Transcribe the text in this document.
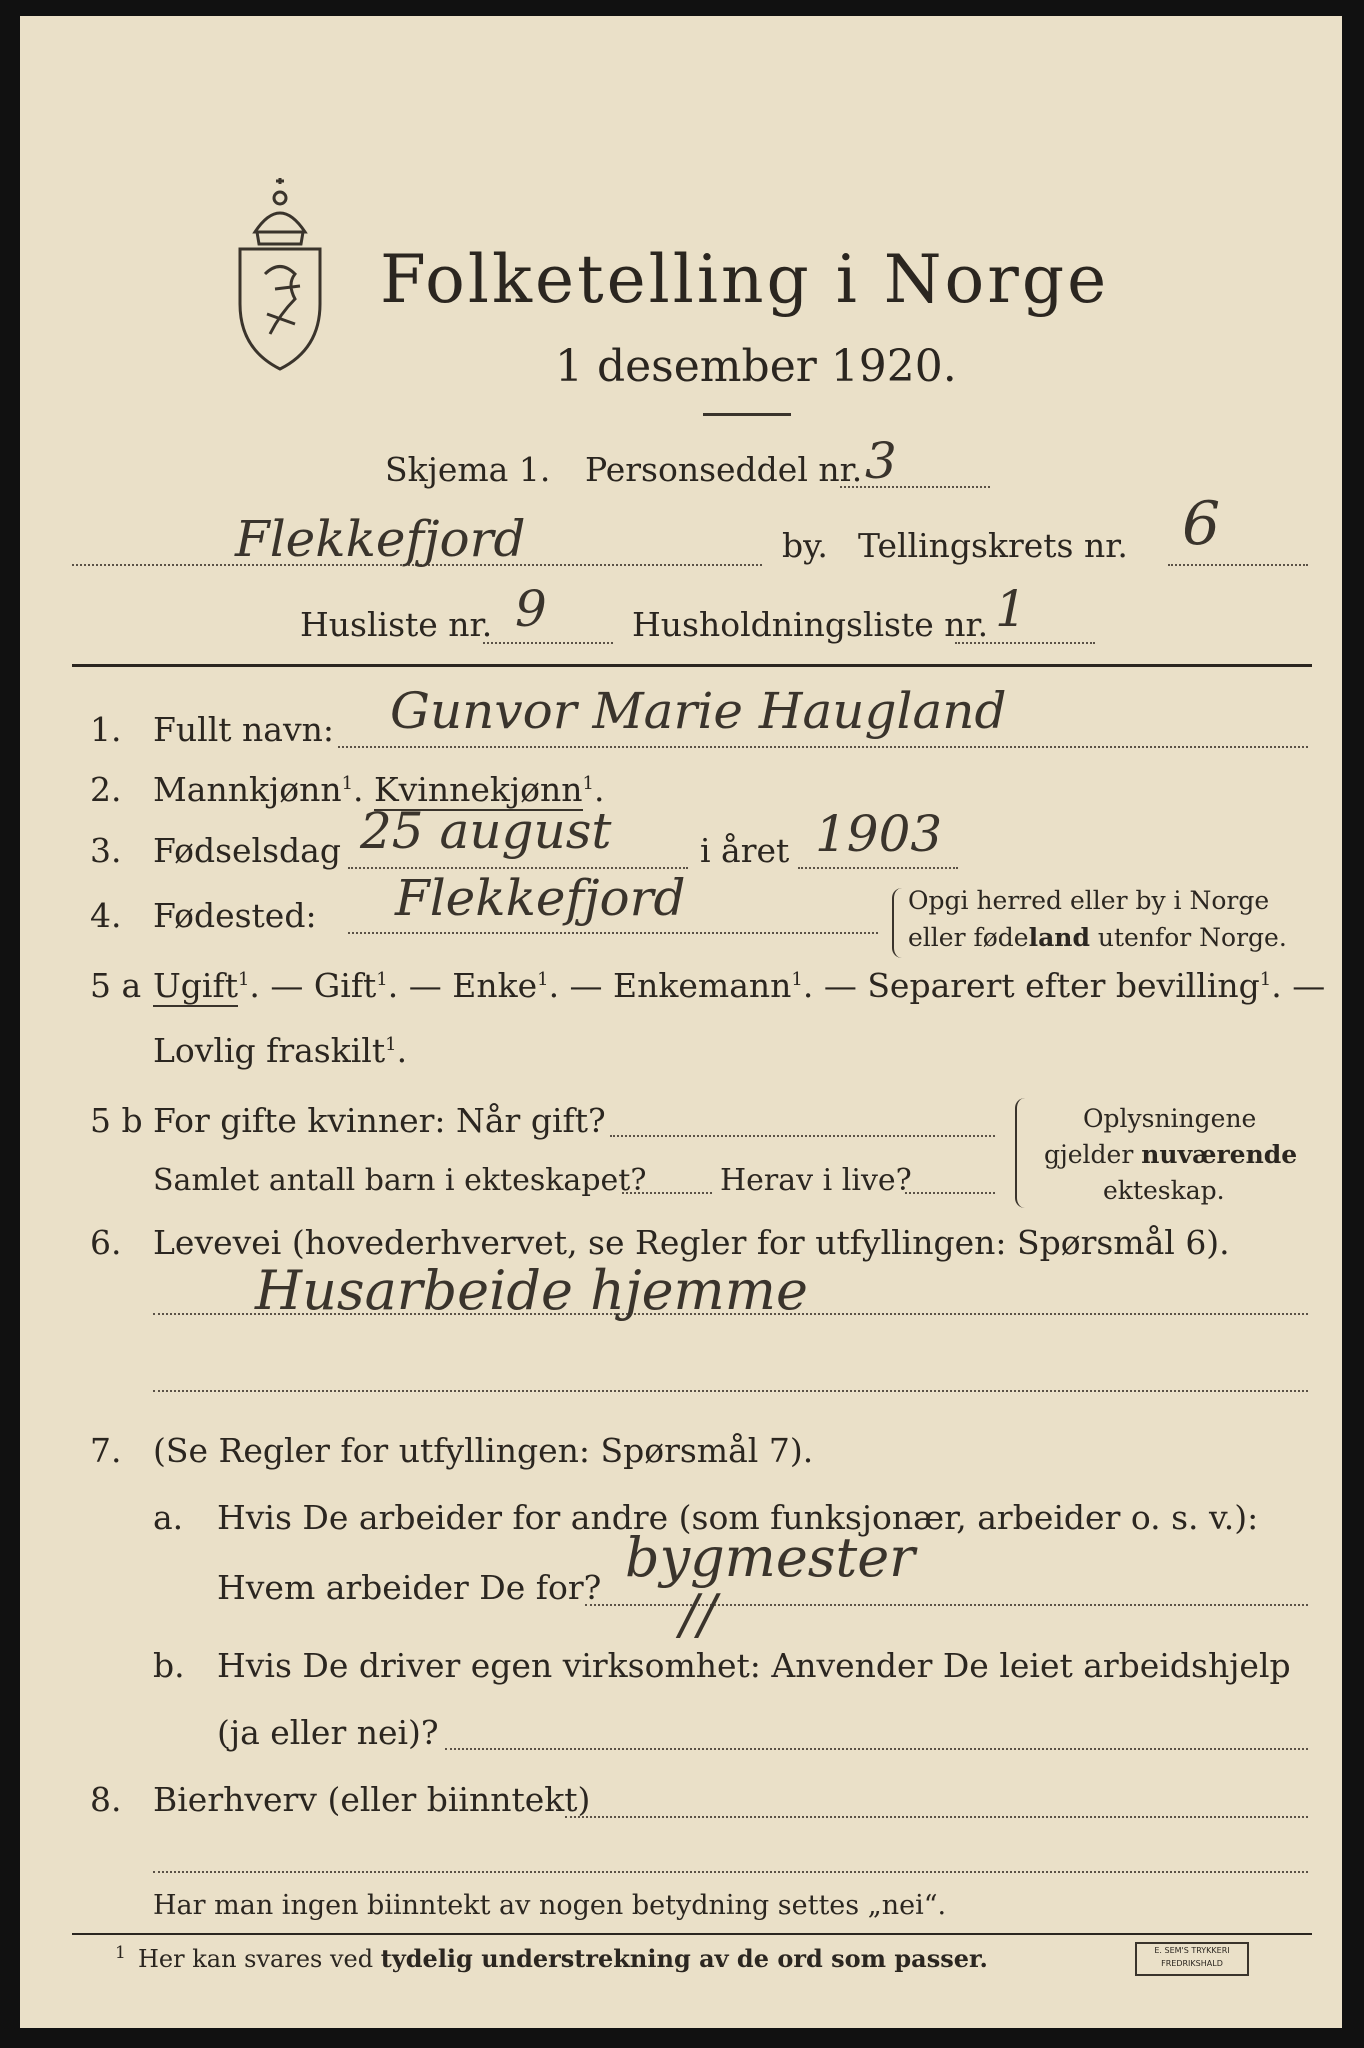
Folketelling i Norge
1 desember 1920.
Skjema 1. Personseddel nr. 3
Flekkefjord	by. Tellingskrets nr. 6
Husliste nr. 9	Husholdningsliste nr. 1
1. Fullt navn: Gunvor Marie Haugland
2. Mannkjønn$^1$. Kvinnekjønn$^1$.
3. Fødselsdag 25 august	i året 1903
4. Fødested: Flekkefjord	Opgi herred eller by i Norge
eller fødeland utenfor Norge.
5 a Ugift$^1$. — Gift$^1$. — Enke$^1$. — Enkemann$^1$. — Separert efter bevilling$^1$. —
Lovlig fraskilt$^1$.
5 b For gifte kvinner: Når gift?
Samlet antall barn i ekteskapet? Herav i live?
Oplysningene
gjelder nuværende
ekteskap.
6. Levevei (hovederhvervet, se Regler for utfyllingen: Spørsmål 6).
Husarbeide hjemme
7. (Se Regler for utfyllingen: Spørsmål 7).
a. Hvis De arbeider for andre (som funksjonær, arbeider o. s. v.):
Hvem arbeider De for? bygmester
//
b. Hvis De driver egen virksomhet: Anvender De leiet arbeidshjelp
(ja eller nei)?
8. Bierhverv (eller biinntekt)
Har man ingen biinntekt av nogen betydning settes „nei“.
1 Her kan svares ved tydelig understrekning av de ord som passer.	E. SEM'S TRYKKERI
FREDRIKSHALD
